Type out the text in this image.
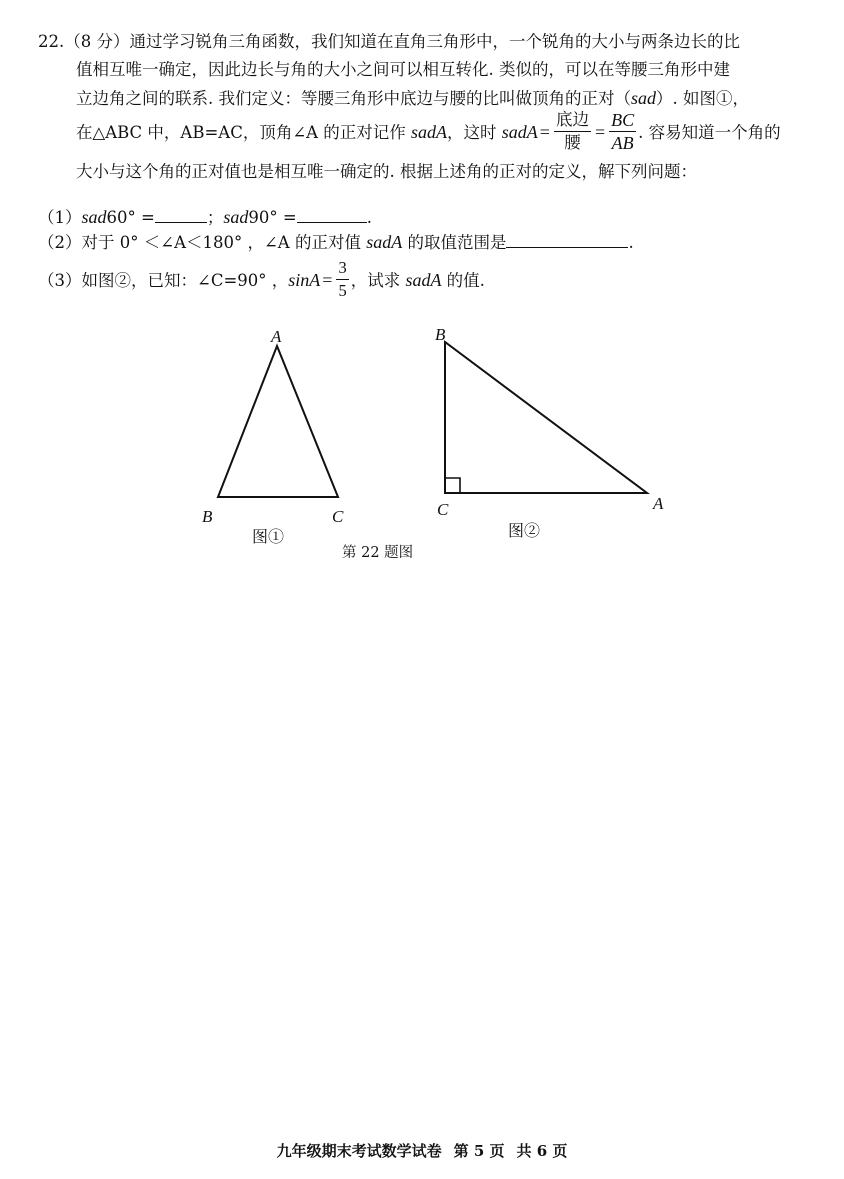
22.（8 分）通过学习锐角三角函数，我们知道在直角三角形中，一个锐角的大小与两条边长的比
值相互唯一确定，因此边长与角的大小之间可以相互转化. 类似的，可以在等腰三角形中建
立边角之间的联系. 我们定义：等腰三角形中底边与腰的比叫做顶角的正对（sad）. 如图①，
在△ABC 中，AB=AC，顶角∠A 的正对记作 sadA，这时 sadA = $\frac{\text{底边}}{\text{腰}} = \frac{BC}{AB}$ . 容易知道一个角的
大小与这个角的正对值也是相互唯一确定的. 根据上述角的正对的定义，解下列问题：
（1）sad60° =	；sad90° =	.
（2）对于 0° ＜∠A＜180° ，∠A 的正对值 sadA 的取值范围是	.
（3）如图②，已知：∠C=90° ，$\sin A = \frac{3}{5}$ ，试求 sadA 的值.
A
B	C
图①
B
C	A
图②
第 22 题图
九年级期末考试数学试卷 第 5 页 共 6 页
